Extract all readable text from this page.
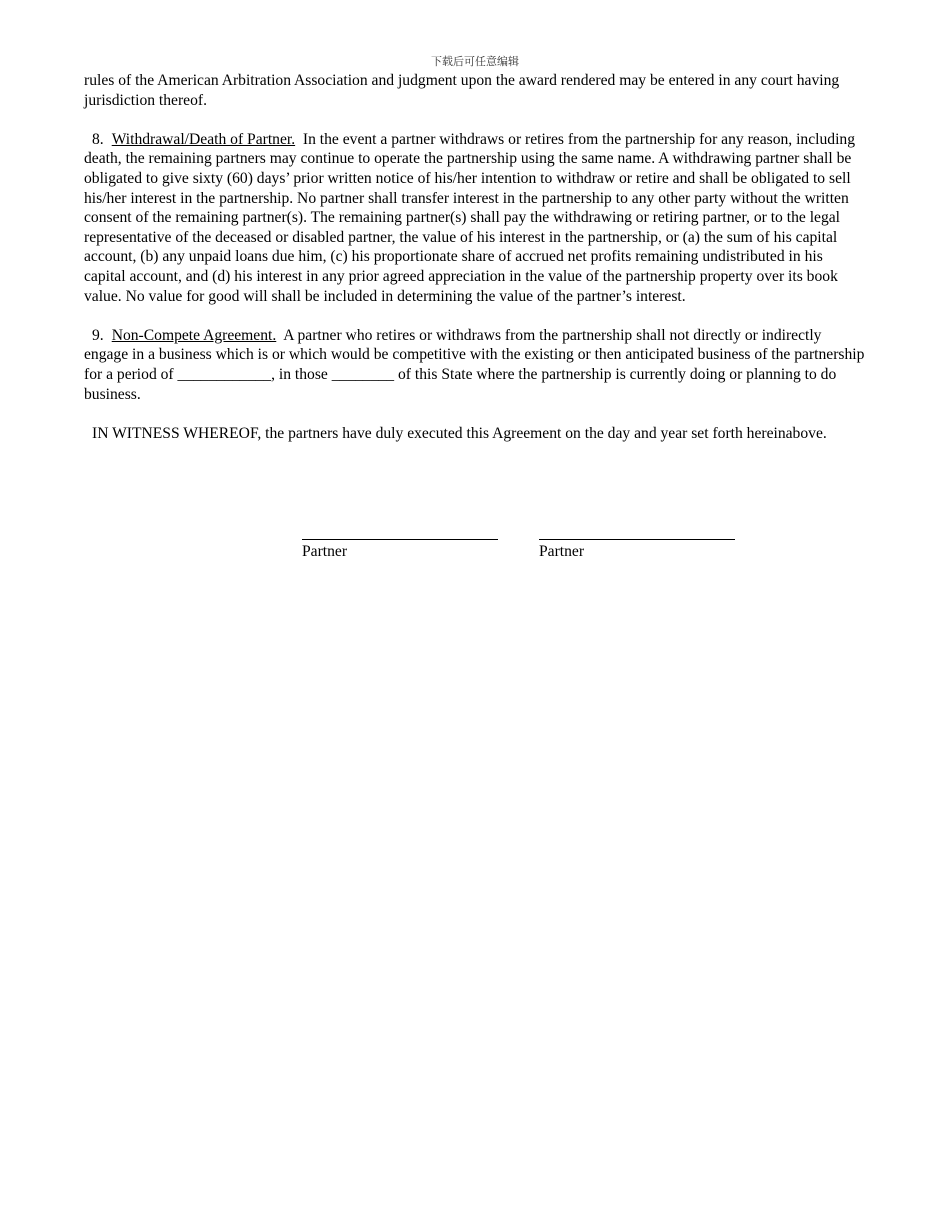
下载后可任意编辑

rules of the American Arbitration Association and judgment upon the award rendered may be entered in any court having jurisdiction thereof.

8. Withdrawal/Death of Partner. In the event a partner withdraws or retires from the partnership for any reason, including death, the remaining partners may continue to operate the partnership using the same name. A withdrawing partner shall be obligated to give sixty (60) days’ prior written notice of his/her intention to withdraw or retire and shall be obligated to sell his/her interest in the partnership. No partner shall transfer interest in the partnership to any other party without the written consent of the remaining partner(s). The remaining partner(s) shall pay the withdrawing or retiring partner, or to the legal representative of the deceased or disabled partner, the value of his interest in the partnership, or (a) the sum of his capital account, (b) any unpaid loans due him, (c) his proportionate share of accrued net profits remaining undistributed in his capital account, and (d) his interest in any prior agreed appreciation in the value of the partnership property over its book value. No value for good will shall be included in determining the value of the partner’s interest.

9. Non-Compete Agreement. A partner who retires or withdraws from the partnership shall not directly or indirectly engage in a business which is or which would be competitive with the existing or then anticipated business of the partnership for a period of ____________, in those ________ of this State where the partnership is currently doing or planning to do business.

IN WITNESS WHEREOF, the partners have duly executed this Agreement on the day and year set forth hereinabove.

Partner	Partner
